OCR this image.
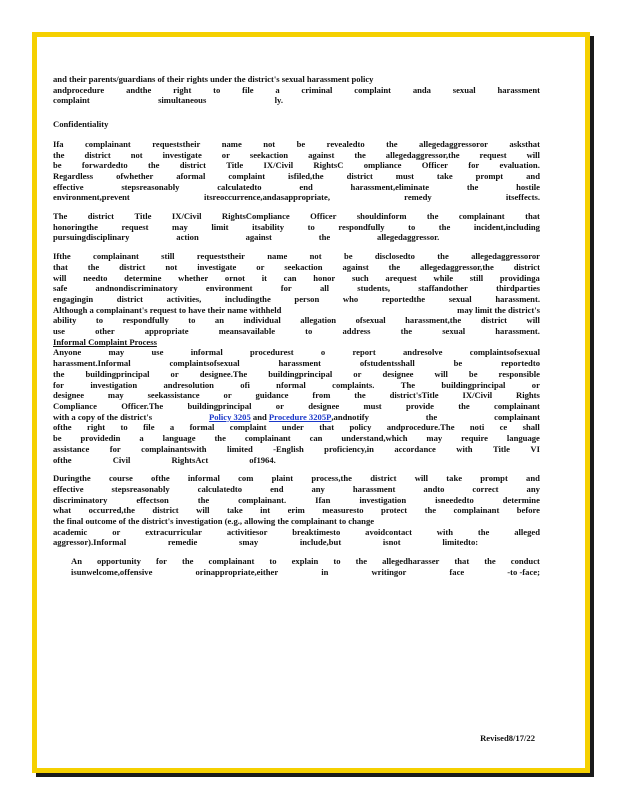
and their parents/guardians of their rights under the district's sexual harassment policy
andprocedure	andthe	right	to	file	a	criminal	complaint	anda	sexual	harassment
complaint	simultaneous	ly.
Confidentiality
Ifa complainant requeststheir name not be revealedto the allegedaggressoror asksthat
the district not investigate or seekaction against the allegedaggressor,the request will
be forwardedto the district Title IX/Civil RightsC ompliance Officer for evaluation.
Regardless	ofwhether	aformal	complaint	isfiled,the	district	must	take	prompt	and
effective	stepsreasonably	calculatedto	end	harassment,eliminate	the	hostile
environment,prevent	itsreoccurrence,andasappropriate,	remedy	itseffects.
The district Title IX/Civil RightsCompliance Officer shouldinform the complainant that
honoringthe	request	may	limit	itsability	to	respondfully	to	the	incident,including
pursuingdisciplinary	action	against	the	allegedaggressor.
Ifthe	complainant	still	requeststheir	name	not	be	disclosedto	the	allegedaggressoror
that the district not investigate or seekaction against the allegedaggressor,the district
will needto determine whether ornot it can honor such arequest while still providinga
safe	andnondiscriminatory	environment	for	all	students,	staffandother	thirdparties
engagingin	district	activities,	includingthe	person	who	reportedthe	sexual	harassment.
Although a complainant's request to have their name withheld	may limit the district's
ability to respondfully to an individual allegation ofsexual harassment,the district will
use	other	appropriate	meansavailable	to	address	the	sexual	harassment.
Informal Complaint Process
Anyone	may	use	informal	procedurest	o	report	andresolve	complaintsofsexual
harassment.Informal	complaintsofsexual	harassment	ofstudentsshall	be	reportedto
the buildingprincipal or designee.The buildingprincipal or designee will be responsible
for	investigation	andresolution	ofi	nformal	complaints.	The	buildingprincipal	or
designee	may	seekassistance	or	guidance	from	the	district'sTitle	IX/Civil	Rights
Compliance	Officer.The	buildingprincipal	or	designee	must	provide	the	complainant
with a copy of the district's	Policy 3205 and Procedure 3205P,andnotify	the	complainant
ofthe right to file a formal complaint under that policy andprocedure.The noti ce shall
be providedin a language the complainant can understand,which may require language
assistance for complainantswith limited -English proficiency,in accordance with Title VI
ofthe	Civil	RightsAct	of1964.
Duringthe course ofthe informal com plaint process,the district will take prompt and
effective	stepsreasonably	calculatedto	end	any	harassment	andto	correct	any
discriminatory	effectson	the	complainant.	Ifan	investigation	isneededto	determine
what occurred,the district will take int erim measuresto protect the complainant before
the final outcome of the district's investigation (e.g., allowing the complainant to change
academic	or	extracurricular	activitiesor	breaktimesto	avoidcontact	with	the	alleged
aggressor).Informal	remedie	smay	include,but	isnot	limitedto:
An opportunity for the complainant to explain to the allegedharasser that the conduct
isunwelcome,offensive	orinappropriate,either	in	writingor	face	-to -face;
Revised8/17/22
